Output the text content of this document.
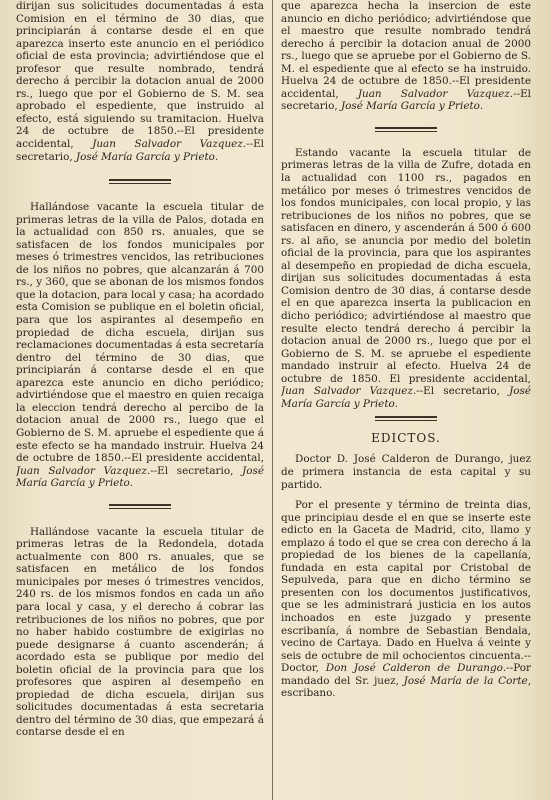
dirijan sus solicitudes documentadas á esta Comision en el término de 30 dias, que principiarán á contarse desde el en que aparezca inserto este anuncio en el periódico oficial de esta provincia; advirtiéndose que el profesor que resulte nombrado, tendrá derecho á percibir la dotacion anual de 2000 rs., luego que por el Gobierno de S. M. sea aprobado el espediente, que instruido al efecto, está siguiendo su tramitacion. Huelva 24 de octubre de 1850.--El presidente accidental, Juan Salvador Vazquez.--El secretario, José María García y Prieto.

Hallándose vacante la escuela titular de primeras letras de la villa de Palos, dotada en la actualidad con 850 rs. anuales, que se satisfacen de los fondos municipales por meses ó trimestres vencidos, las retribuciones de los niños no pobres, que alcanzarán á 700 rs., y 360, que se abonan de los mismos fondos que la dotacion, para local y casa; ha acordado esta Comision se publique en el boletin oficial, para que los aspirantes al desempeño en propiedad de dicha escuela, dirijan sus reclamaciones documentadas á esta secretaría dentro del término de 30 dias, que principiarán á contarse desde el en que aparezca este anuncio en dicho periódico; advirtiéndose que el maestro en quien recaiga la eleccion tendrá derecho al percibo de la dotacion anual de 2000 rs., luego que el Gobierno de S. M. apruebe el espediente que á este efecto se ha mandado instruir. Huelva 24 de octubre de 1850.--El presidente accidental, Juan Salvador Vazquez.--El secretario, José María García y Prieto.

Hallándose vacante la escuela titular de primeras letras de la Redondela, dotada actualmente con 800 rs. anuales, que se satisfacen en metálico de los fondos municipales por meses ó trimestres vencidos, 240 rs. de los mismos fondos en cada un año para local y casa, y el derecho á cobrar las retribuciones de los niños no pobres, que por no haber habido costumbre de exigirlas no puede designarse á cuanto ascenderán; á acordado esta se publique por medio del boletin oficial de la provincia para que los profesores que aspiren al desempeño en propiedad de dicha escuela, dirijan sus solicitudes documentadas á esta secretaria dentro del término de 30 dias, que empezará á contarse desde el en

que aparezca hecha la insercion de este anuncio en dicho periódico; advirtiéndose que el maestro que resulte nombrado tendrá derecho á percibir la dotacion anual de 2000 rs., luego que se apruebe por el Gobierno de S. M. el espediente que al efecto se ha instruido. Huelva 24 de octubre de 1850.--El presidente accidental, Juan Salvador Vazquez.--El secretario, José María García y Prieto.

Estando vacante la escuela titular de primeras letras de la villa de Zufre, dotada en la actualidad con 1100 rs., pagados en metálico por meses ó trimestres vencidos de los fondos municipales, con local propio, y las retribuciones de los niños no pobres, que se satisfacen en dinero, y ascenderán á 500 ó 600 rs. al año, se anuncia por medio del boletin oficial de la provincia, para que los aspirantes al desempeño en propiedad de dicha escuela, dirijan sus solicitudes documentadas á esta Comision dentro de 30 dias, á contarse desde el en que aparezca inserta la publicacion en dicho periódico; advirtiéndose al maestro que resulte electo tendrá derecho á percibir la dotacion anual de 2000 rs., luego que por el Gobierno de S. M. se apruebe el espediente mandado instruir al efecto. Huelva 24 de octubre de 1850. El presidente accidental, Juan Salvador Vazquez.--El secretario, José María García y Prieto.

EDICTOS.

Doctor D. José Calderon de Durango, juez de primera instancia de esta capital y su partido.

Por el presente y término de treinta dias, que principiau desde el en que se inserte este edicto en la Gaceta de Madrid, cito, llamo y emplazo á todo el que se crea con derecho á la propiedad de los bienes de la capellanía, fundada en esta capital por Cristobal de Sepulveda, para que en dicho término se presenten con los documentos justificativos, que se les administrará justicia en los autos inchoados en este juzgado y presente escribanía, á nombre de Sebastian Bendala, vecino de Cartaya. Dado en Huelva á veinte y seis de octubre de mil ochocientos cincuenta.--Doctor, Don José Calderon de Durango.--Por mandado del Sr. juez, José María de la Corte, escribano.
